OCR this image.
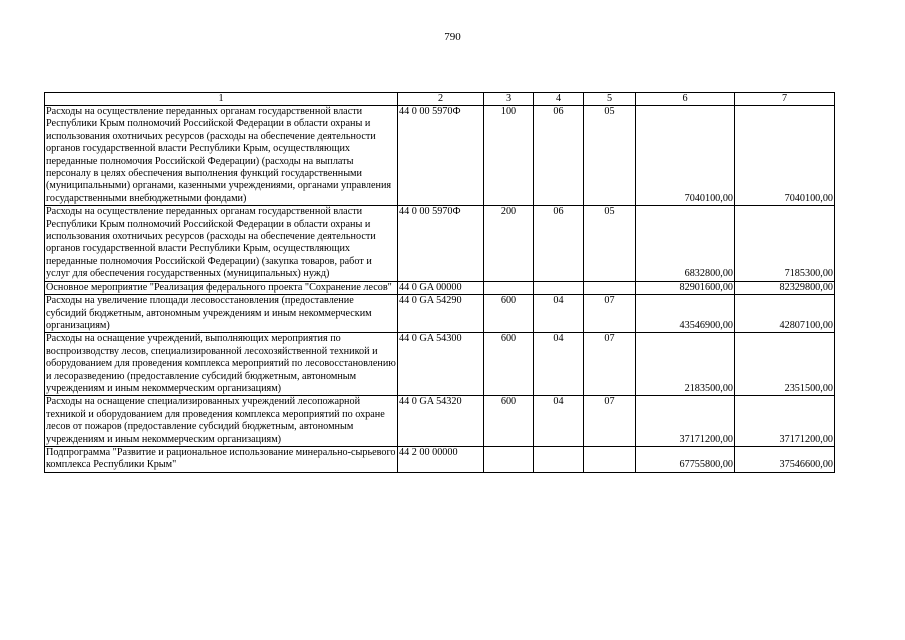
790
1	2	3	4	5	6	7
Расходы на осуществление переданных органам государственной власти Республики Крым полномочий Российской Федерации в области охраны и использования охотничьих ресурсов (расходы на обеспечение деятельности органов государственной власти Республики Крым, осуществляющих переданные полномочия Российской Федерации) (расходы на выплаты персоналу в целях обеспечения выполнения функций государственными (муниципальными) органами, казенными учреждениями, органами управления государственными внебюджетными фондами)	44 0 00 5970Ф	100	06	05	7040100,00	7040100,00
Расходы на осуществление переданных органам государственной власти Республики Крым полномочий Российской Федерации в области охраны и использования охотничьих ресурсов (расходы на обеспечение деятельности органов государственной власти Республики Крым, осуществляющих переданные полномочия Российской Федерации) (закупка товаров, работ и услуг для обеспечения государственных (муниципальных) нужд)	44 0 00 5970Ф	200	06	05	6832800,00	7185300,00
Основное мероприятие "Реализация федерального проекта "Сохранение лесов"	44 0 GA 00000				82901600,00	82329800,00
Расходы на увеличение площади лесовосстановления (предоставление субсидий бюджетным, автономным учреждениям и иным некоммерческим организациям)	44 0 GA 54290	600	04	07	43546900,00	42807100,00
Расходы на оснащение учреждений, выполняющих мероприятия по воспроизводству лесов, специализированной лесохозяйственной техникой и оборудованием для проведения комплекса мероприятий по лесовосстановлению и лесоразведению (предоставление субсидий бюджетным, автономным учреждениям и иным некоммерческим организациям)	44 0 GA 54300	600	04	07	2183500,00	2351500,00
Расходы на оснащение специализированных учреждений лесопожарной техникой и оборудованием для проведения комплекса мероприятий по охране лесов от пожаров (предоставление субсидий бюджетным, автономным учреждениям и иным некоммерческим организациям)	44 0 GA 54320	600	04	07	37171200,00	37171200,00
Подпрограмма "Развитие и рациональное использование минерально-сырьевого комплекса Республики Крым"	44 2 00 00000				67755800,00	37546600,00
